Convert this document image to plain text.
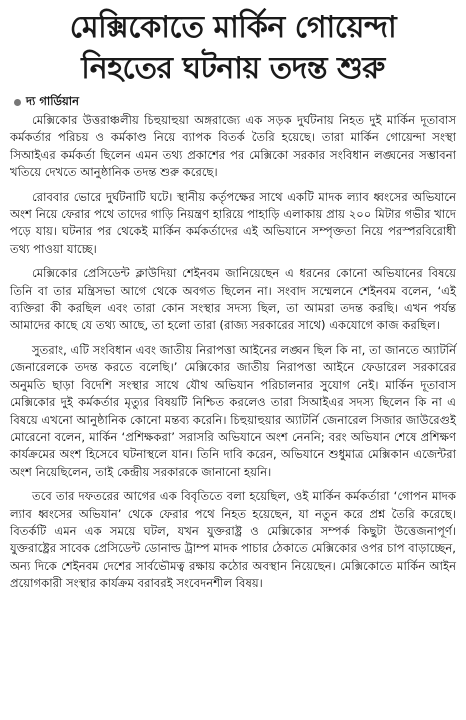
মেক্সিকোতে মার্কিন গোয়েন্দা
নিহতের ঘটনায় তদন্ত শুরু
দ্য গার্ডিয়ান

মেক্সিকোর উত্তরাঞ্চলীয় চিহুয়াহুয়া অঙ্গরাজ্যে এক সড়ক দুর্ঘটনায় নিহত দুই মার্কিন দূতাবাস কর্মকর্তার পরিচয় ও কর্মকাণ্ড নিয়ে ব্যাপক বিতর্ক তৈরি হয়েছে। তারা মার্কিন গোয়েন্দা সংস্থা সিআইএর কর্মকর্তা ছিলেন এমন তথ্য প্রকাশের পর মেক্সিকো সরকার সংবিধান লঙ্ঘনের সম্ভাবনা খতিয়ে দেখতে আনুষ্ঠানিক তদন্ত শুরু করেছে।

রোববার ভোরে দুর্ঘটনাটি ঘটে। স্থানীয় কর্তৃপক্ষের সাথে একটি মাদক ল্যাব ধ্বংসের অভিযানে অংশ নিয়ে ফেরার পথে তাদের গাড়ি নিয়ন্ত্রণ হারিয়ে পাহাড়ি এলাকায় প্রায় ২০০ মিটার গভীর খাদে পড়ে যায়। ঘটনার পর থেকেই মার্কিন কর্মকর্তাদের এই অভিযানে সম্পৃক্ততা নিয়ে পরস্পরবিরোধী তথ্য পাওয়া যাচ্ছে।

মেক্সিকোর প্রেসিডেন্ট ক্লাউদিয়া শেইনবম জানিয়েছেন এ ধরনের কোনো অভিযানের বিষয়ে তিনি বা তার মন্ত্রিসভা আগে থেকে অবগত ছিলেন না। সংবাদ সম্মেলনে শেইনবম বলেন, ‘এই ব্যক্তিরা কী করছিল এবং তারা কোন সংস্থার সদস্য ছিল, তা আমরা তদন্ত করছি। এখন পর্যন্ত আমাদের কাছে যে তথ্য আছে, তা হলো তারা (রাজ্য সরকারের সাথে) একযোগে কাজ করছিল।

সুতরাং, এটি সংবিধান এবং জাতীয় নিরাপত্তা আইনের লঙ্ঘন ছিল কি না, তা জানতে অ্যাটর্নি জেনারেলকে তদন্ত করতে বলেছি।’ মেক্সিকোর জাতীয় নিরাপত্তা আইনে ফেডারেল সরকারের অনুমতি ছাড়া বিদেশি সংস্থার সাথে যৌথ অভিযান পরিচালনার সুযোগ নেই। মার্কিন দূতাবাস মেক্সিকোর দুই কর্মকর্তার মৃত্যুর বিষয়টি নিশ্চিত করলেও তারা সিআইএর সদস্য ছিলেন কি না এ বিষয়ে এখনো আনুষ্ঠানিক কোনো মন্তব্য করেনি। চিহুয়াহুয়ার অ্যাটর্নি জেনারেল সিজার জাউরেগুই মোরেনো বলেন, মার্কিন ‘প্রশিক্ষকরা’ সরাসরি অভিযানে অংশ নেননি; বরং অভিযান শেষে প্রশিক্ষণ কার্যক্রমের অংশ হিসেবে ঘটনাস্থলে যান। তিনি দাবি করেন, অভিযানে শুধুমাত্র মেক্সিকান এজেন্টরা অংশ নিয়েছিলেন, তাই কেন্দ্রীয় সরকারকে জানানো হয়নি।

তবে তার দফতরের আগের এক বিবৃতিতে বলা হয়েছিল, ওই মার্কিন কর্মকর্তারা ‘গোপন মাদক ল্যাব ধ্বংসের অভিযান’ থেকে ফেরার পথে নিহত হয়েছেন, যা নতুন করে প্রশ্ন তৈরি করেছে। বিতর্কটি এমন এক সময়ে ঘটল, যখন যুক্তরাষ্ট্র ও মেক্সিকোর সম্পর্ক কিছুটা উত্তেজনাপূর্ণ। যুক্তরাষ্ট্রের সাবেক প্রেসিডেন্ট ডোনাল্ড ট্রাম্প মাদক পাচার ঠেকাতে মেক্সিকোর ওপর চাপ বাড়াচ্ছেন, অন্য দিকে শেইনবম দেশের সার্বভৌমত্ব রক্ষায় কঠোর অবস্থান নিয়েছেন। মেক্সিকোতে মার্কিন আইন প্রয়োগকারী সংস্থার কার্যক্রম বরাবরই সংবেদনশীল বিষয়।
